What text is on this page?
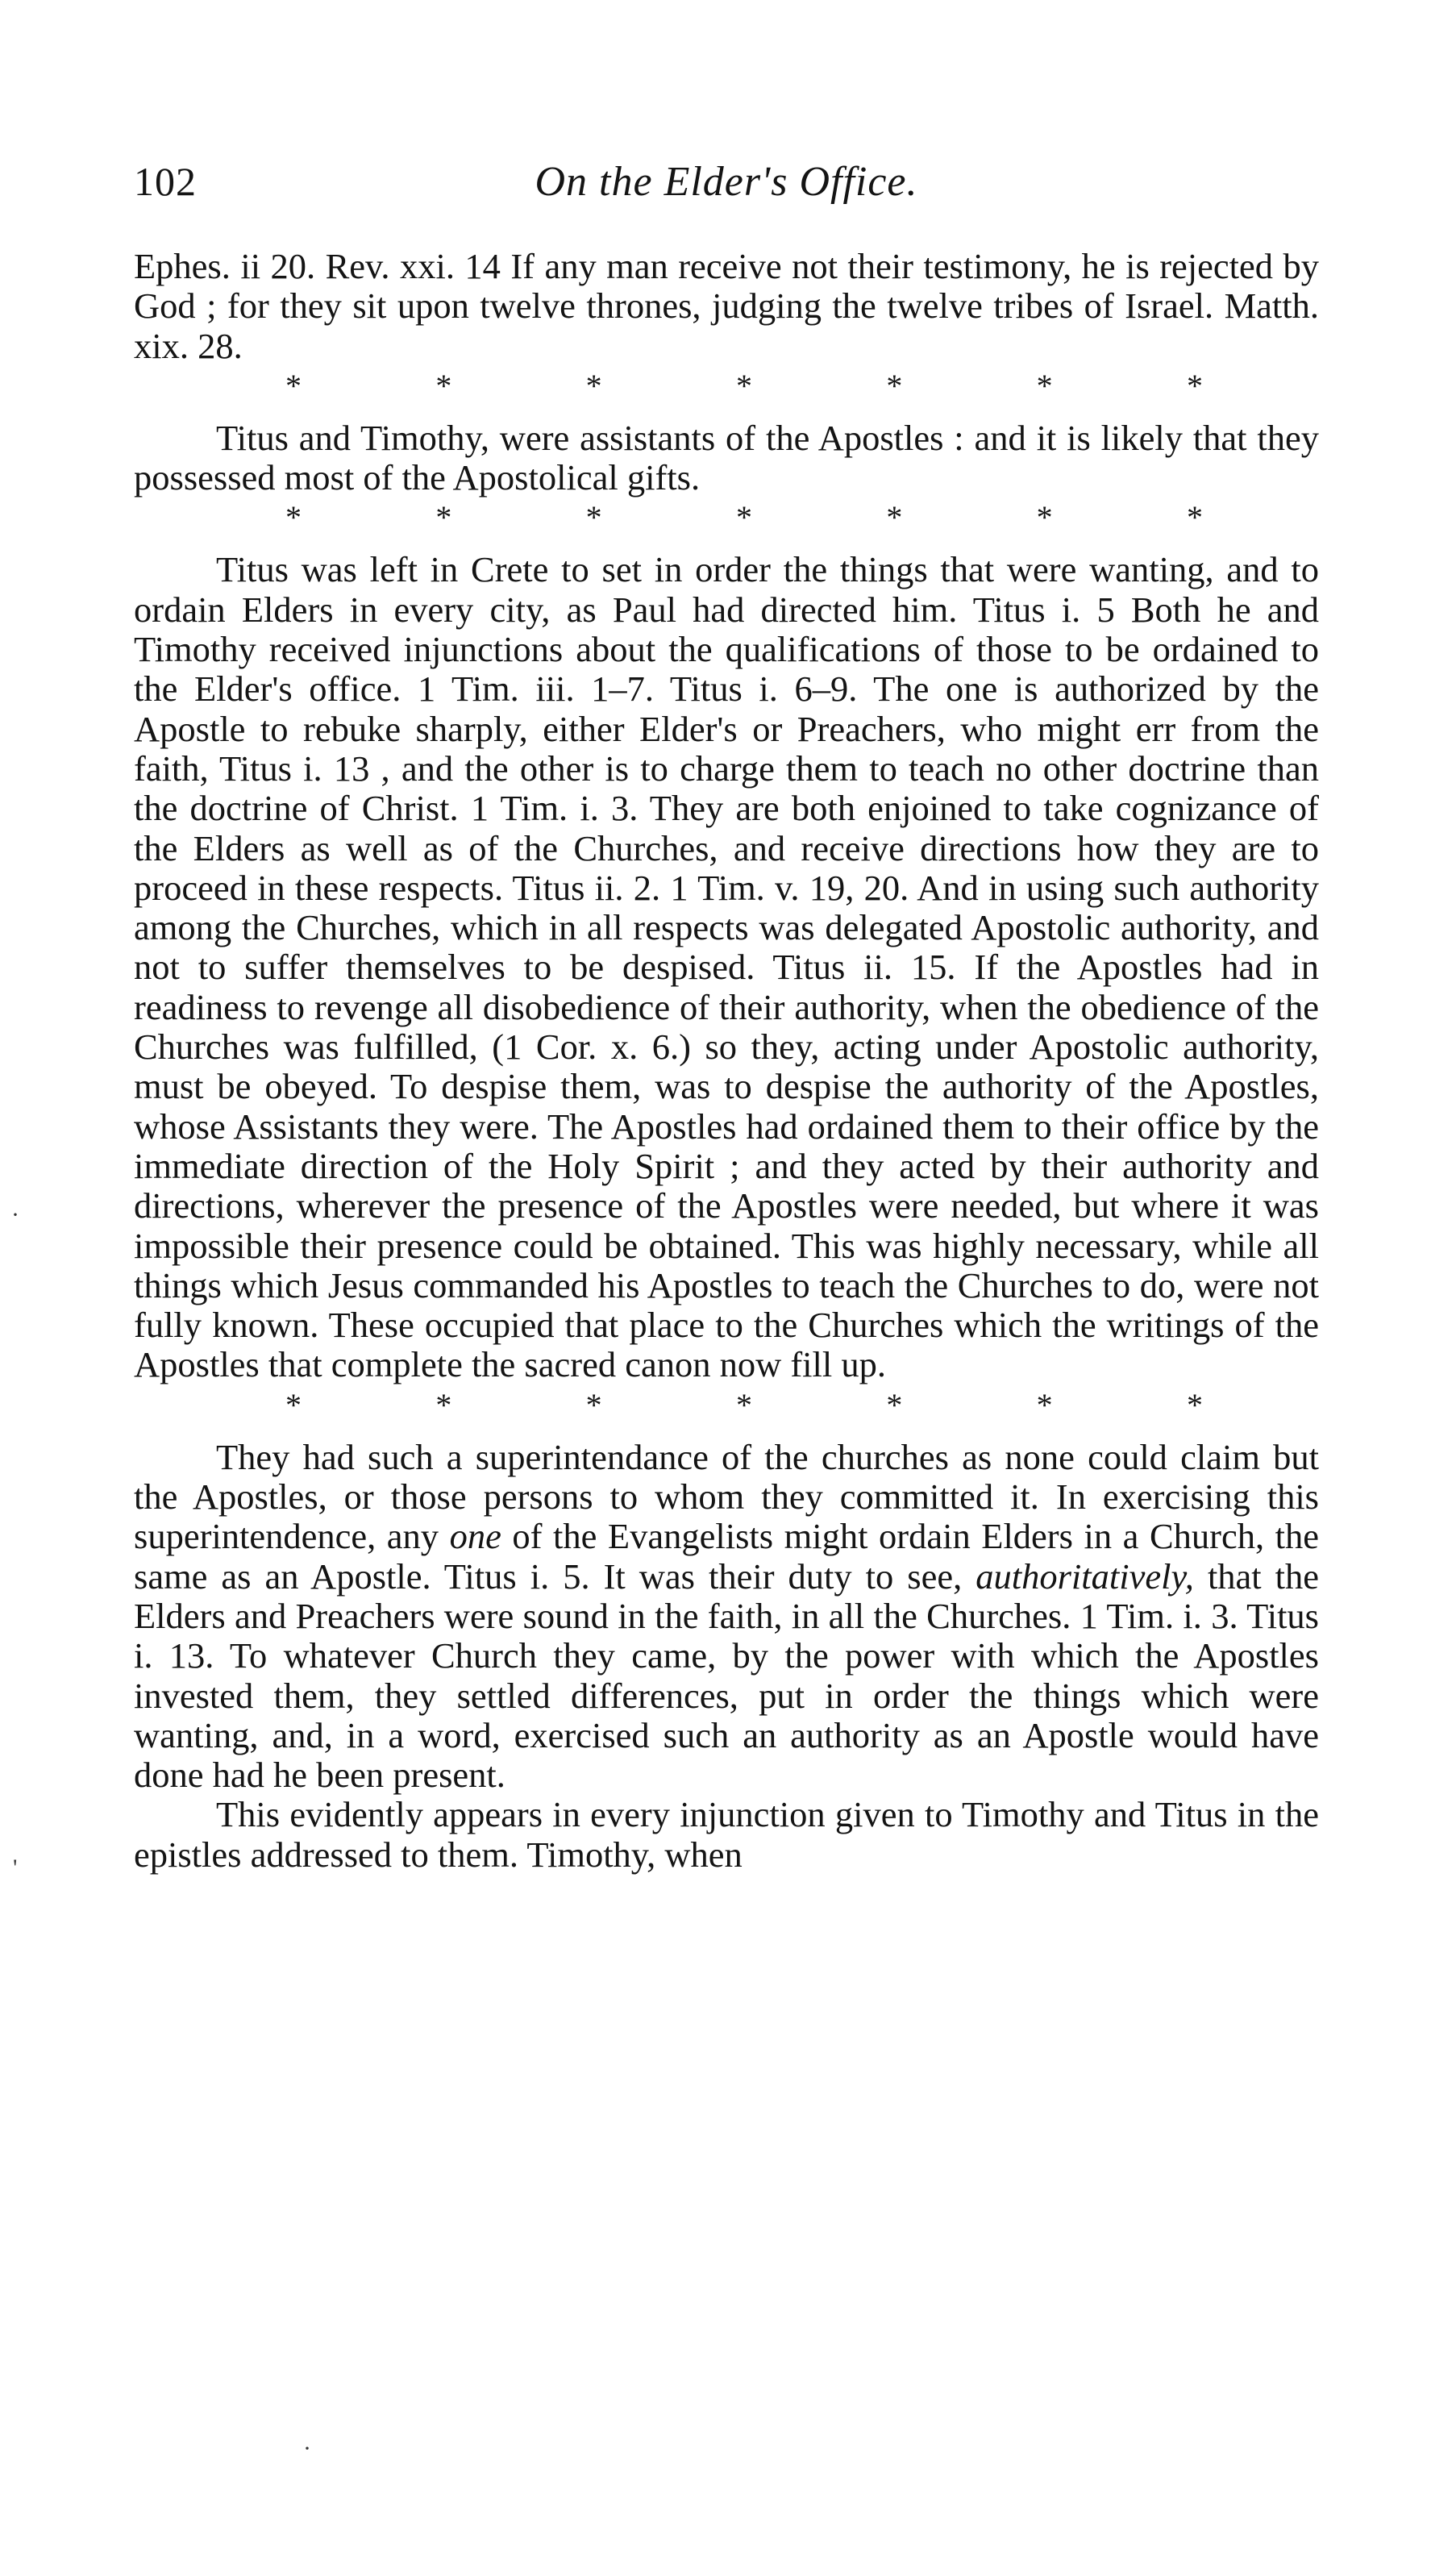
102	On the Elder's Office.

Ephes. ii 20. Rev. xxi. 14 If any man receive not their testimony, he is rejected by God ; for they sit upon twelve thrones, judging the twelve tribes of Israel. Matth. xix. 28.

*	*	*	*	*	*	*

Titus and Timothy, were assistants of the Apostles : and it is likely that they possessed most of the Apostolical gifts.

*	*	*	*	*	*	*

Titus was left in Crete to set in order the things that were wanting, and to ordain Elders in every city, as Paul had directed him. Titus i. 5 Both he and Timothy received injunctions about the qualifications of those to be ordained to the Elder's office. 1 Tim. iii. 1–7. Titus i. 6–9. The one is authorized by the Apostle to rebuke sharply, either Elder's or Preachers, who might err from the faith, Titus i. 13 , and the other is to charge them to teach no other doctrine than the doctrine of Christ. 1 Tim. i. 3. They are both enjoined to take cognizance of the Elders as well as of the Churches, and receive directions how they are to proceed in these respects. Titus ii. 2. 1 Tim. v. 19, 20. And in using such authority among the Churches, which in all respects was delegated Apostolic authority, and not to suffer themselves to be despised. Titus ii. 15. If the Apostles had in readiness to revenge all disobedience of their authority, when the obedience of the Churches was fulfilled, (1 Cor. x. 6.) so they, acting under Apostolic authority, must be obeyed. To despise them, was to despise the authority of the Apostles, whose Assistants they were. The Apostles had ordained them to their office by the immediate direction of the Holy Spirit ; and they acted by their authority and directions, wherever the presence of the Apostles were needed, but where it was impossible their presence could be obtained. This was highly necessary, while all things which Jesus commanded his Apostles to teach the Churches to do, were not fully known. These occupied that place to the Churches which the writings of the Apostles that complete the sacred canon now fill up.

*	*	*	*	*	*	*

They had such a superintendance of the churches as none could claim but the Apostles, or those persons to whom they committed it. In exercising this superintendence, any one of the Evangelists might ordain Elders in a Church, the same as an Apostle. Titus i. 5. It was their duty to see, authoritatively, that the Elders and Preachers were sound in the faith, in all the Churches. 1 Tim. i. 3. Titus i. 13. To whatever Church they came, by the power with which the Apostles invested them, they settled differences, put in order the things which were wanting, and, in a word, exercised such an authority as an Apostle would have done had he been present.

This evidently appears in every injunction given to Timothy and Titus in the epistles addressed to them. Timothy, when

·
'
·
